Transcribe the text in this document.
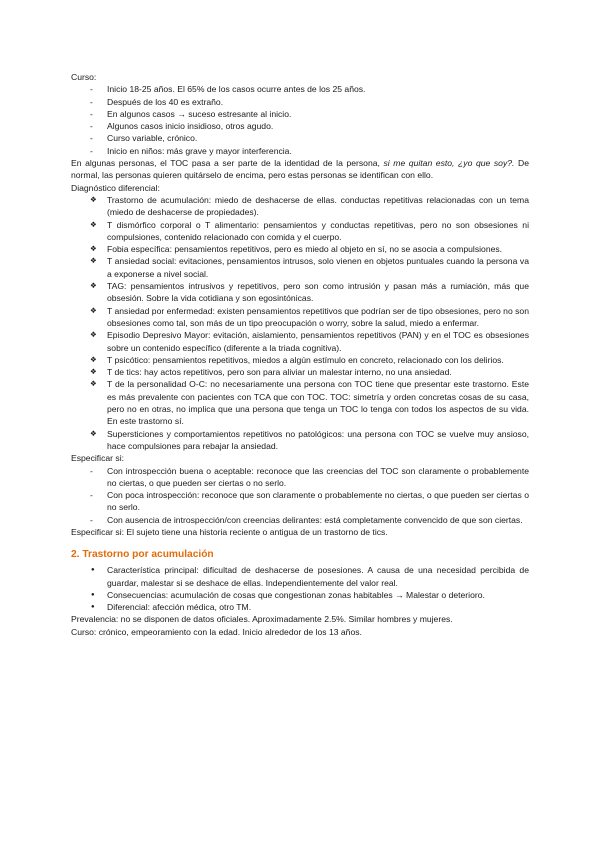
Curso:

- Inicio 18-25 años. El 65% de los casos ocurre antes de los 25 años.
- Después de los 40 es extraño.
- En algunos casos → suceso estresante al inicio.
- Algunos casos inicio insidioso, otros agudo.
- Curso variable, crónico.
- Inicio en niños: más grave y mayor interferencia.

En algunas personas, el TOC pasa a ser parte de la identidad de la persona, si me quitan esto, ¿yo que soy?. De normal, las personas quieren quitárselo de encima, pero estas personas se identifican con ello.

Diagnóstico diferencial:

❖ Trastorno de acumulación: miedo de deshacerse de ellas. conductas repetitivas relacionadas con un tema (miedo de deshacerse de propiedades).
❖ T dismórfico corporal o T alimentario: pensamientos y conductas repetitivas, pero no son obsesiones ni compulsiones, contenido relacionado con comida y el cuerpo.
❖ Fobia específica: pensamientos repetitivos, pero es miedo al objeto en sí, no se asocia a compulsiones.
❖ T ansiedad social: evitaciones, pensamientos intrusos, solo vienen en objetos puntuales cuando la persona va a exponerse a nivel social.
❖ TAG: pensamientos intrusivos y repetitivos, pero son como intrusión y pasan más a rumiación, más que obsesión. Sobre la vida cotidiana y son egosintónicas.
❖ T ansiedad por enfermedad: existen pensamientos repetitivos que podrían ser de tipo obsesiones, pero no son obsesiones como tal, son más de un tipo preocupación o worry, sobre la salud, miedo a enfermar.
❖ Episodio Depresivo Mayor: evitación, aislamiento, pensamientos repetitivos (PAN) y en el TOC es obsesiones sobre un contenido específico (diferente a la triada cognitiva).
❖ T psicótico: pensamientos repetitivos, miedos a algún estímulo en concreto, relacionado con los delirios.
❖ T de tics: hay actos repetitivos, pero son para aliviar un malestar interno, no una ansiedad.
❖ T de la personalidad O-C: no necesariamente una persona con TOC tiene que presentar este trastorno. Este es más prevalente con pacientes con TCA que con TOC. TOC: simetría y orden concretas cosas de su casa, pero no en otras, no implica que una persona que tenga un TOC lo tenga con todos los aspectos de su vida. En este trastorno sí.
❖ Supersticiones y comportamientos repetitivos no patológicos: una persona con TOC se vuelve muy ansioso, hace compulsiones para rebajar la ansiedad.

Especificar si:

- Con introspección buena o aceptable: reconoce que las creencias del TOC son claramente o probablemente no ciertas, o que pueden ser ciertas o no serlo.
- Con poca introspección: reconoce que son claramente o probablemente no ciertas, o que pueden ser ciertas o no serlo.
- Con ausencia de introspección/con creencias delirantes: está completamente convencido de que son ciertas.

Especificar si: El sujeto tiene una historia reciente o antigua de un trastorno de tics.

2. Trastorno por acumulación

● Característica principal: dificultad de deshacerse de posesiones. A causa de una necesidad percibida de guardar, malestar si se deshace de ellas. Independientemente del valor real.
● Consecuencias: acumulación de cosas que congestionan zonas habitables → Malestar o deterioro.
● Diferencial: afección médica, otro TM.

Prevalencia: no se disponen de datos oficiales. Aproximadamente 2.5%. Similar hombres y mujeres.

Curso: crónico, empeoramiento con la edad. Inicio alrededor de los 13 años.
